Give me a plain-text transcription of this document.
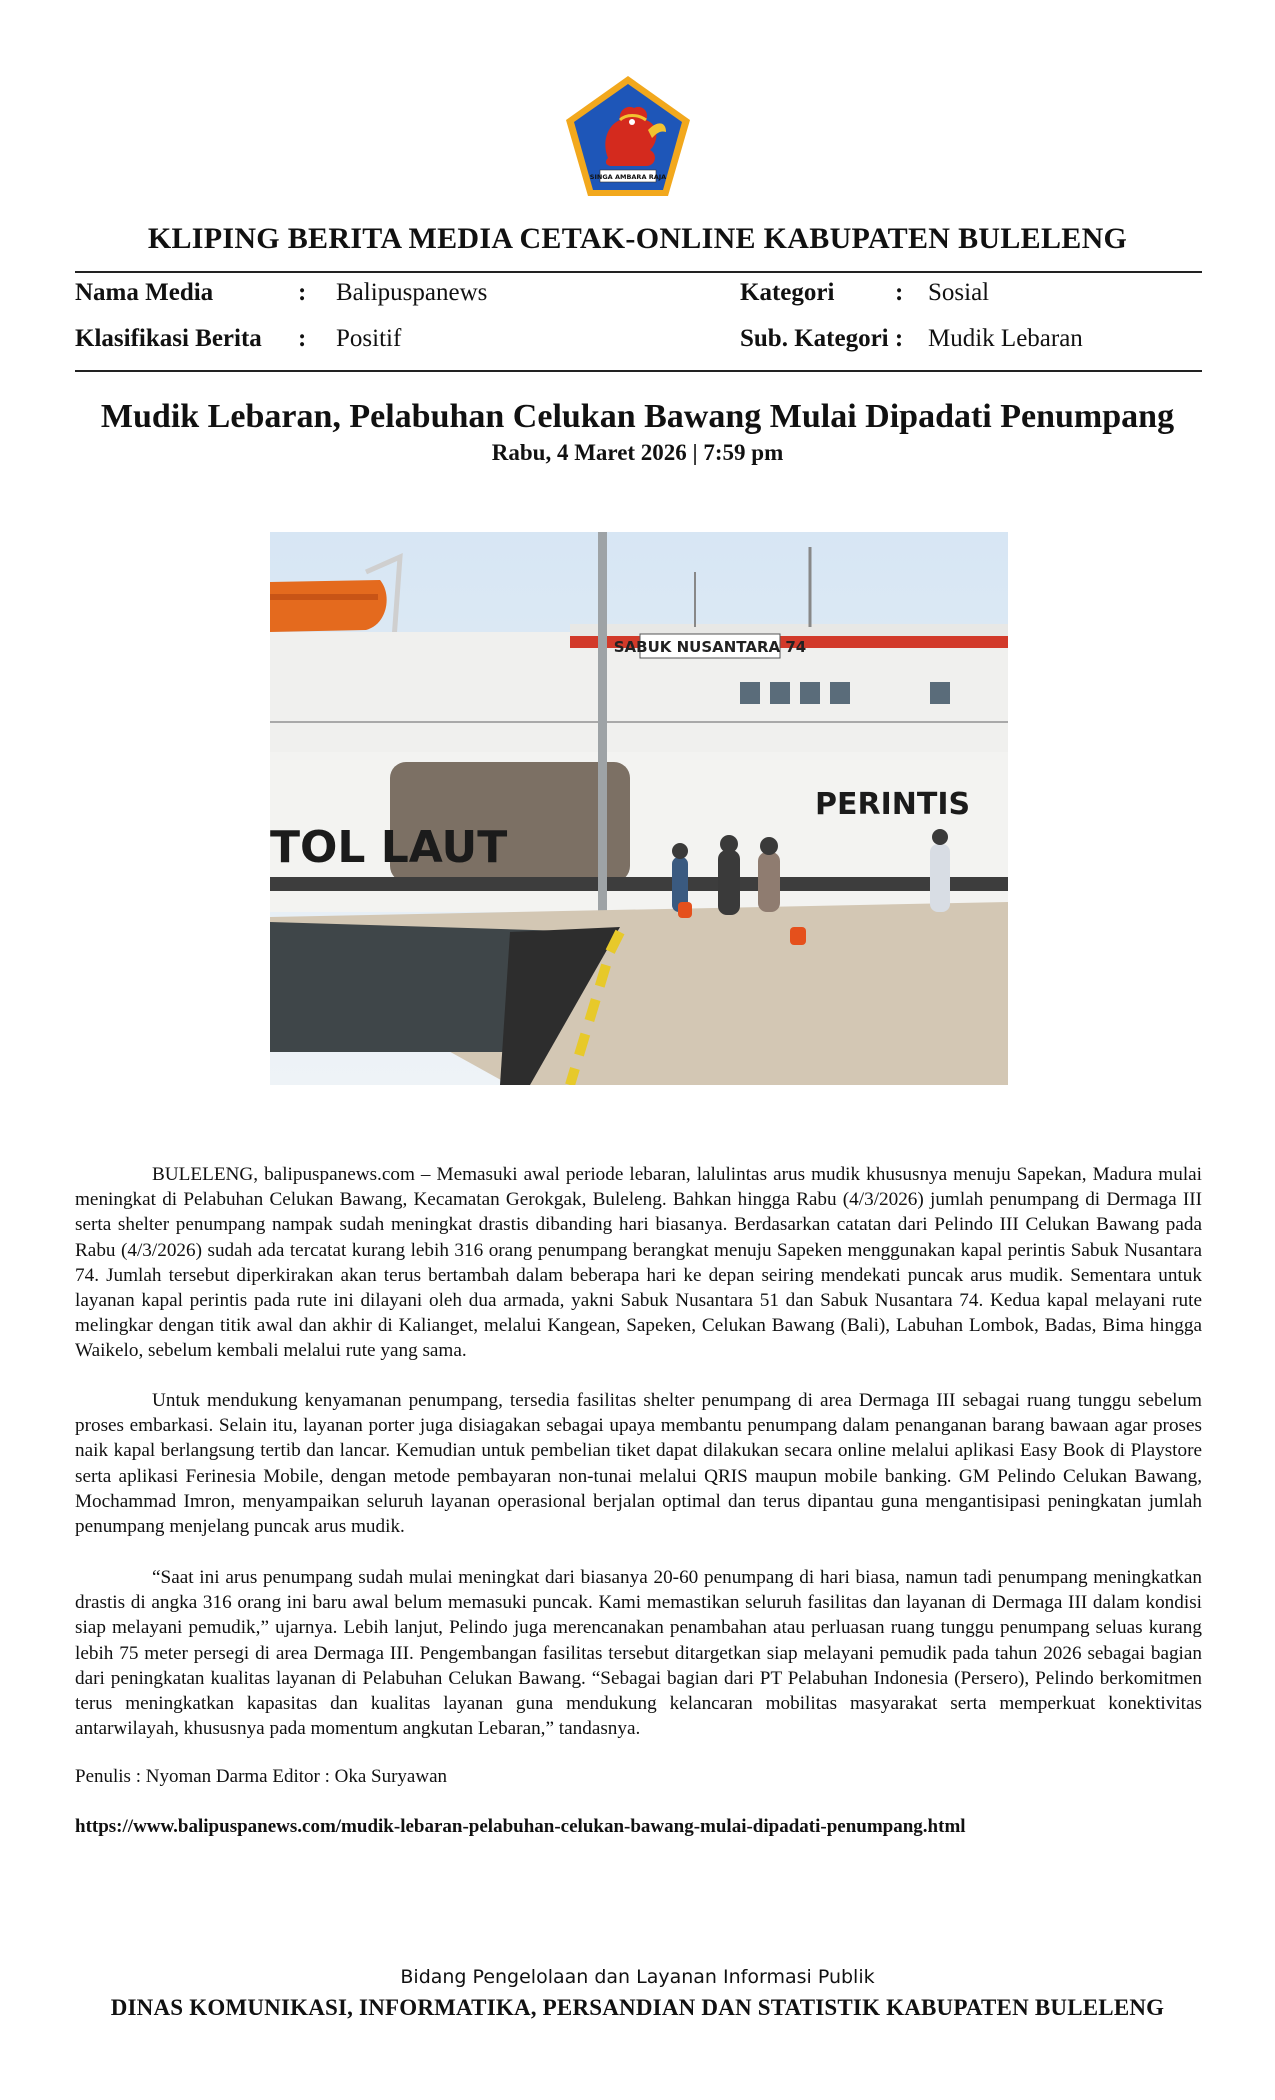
SINGA AMBARA RAJA
KLIPING BERITA MEDIA CETAK-ONLINE KABUPATEN BULELENG
Nama Media	: Balipuspanews	Kategori : Sosial
Klasifikasi Berita : Positif	Sub. Kategori : Mudik Lebaran
Mudik Lebaran, Pelabuhan Celukan Bawang Mulai Dipadati Penumpang
Rabu, 4 Maret 2026 | 7:59 pm
SABUK NUSANTARA 74
TOL LAUT
PERINTIS

BULELENG, balipuspanews.com – Memasuki awal periode lebaran, lalulintas arus mudik khususnya menuju Sapekan, Madura mulai meningkat di Pelabuhan Celukan Bawang, Kecamatan Gerokgak, Buleleng. Bahkan hingga Rabu (4/3/2026) jumlah penumpang di Dermaga III serta shelter penumpang nampak sudah meningkat drastis dibanding hari biasanya. Berdasarkan catatan dari Pelindo III Celukan Bawang pada Rabu (4/3/2026) sudah ada tercatat kurang lebih 316 orang penumpang berangkat menuju Sapeken menggunakan kapal perintis Sabuk Nusantara 74. Jumlah tersebut diperkirakan akan terus bertambah dalam beberapa hari ke depan seiring mendekati puncak arus mudik. Sementara untuk layanan kapal perintis pada rute ini dilayani oleh dua armada, yakni Sabuk Nusantara 51 dan Sabuk Nusantara 74. Kedua kapal melayani rute melingkar dengan titik awal dan akhir di Kalianget, melalui Kangean, Sapeken, Celukan Bawang (Bali), Labuhan Lombok, Badas, Bima hingga Waikelo, sebelum kembali melalui rute yang sama.

Untuk mendukung kenyamanan penumpang, tersedia fasilitas shelter penumpang di area Dermaga III sebagai ruang tunggu sebelum proses embarkasi. Selain itu, layanan porter juga disiagakan sebagai upaya membantu penumpang dalam penanganan barang bawaan agar proses naik kapal berlangsung tertib dan lancar. Kemudian untuk pembelian tiket dapat dilakukan secara online melalui aplikasi Easy Book di Playstore serta aplikasi Ferinesia Mobile, dengan metode pembayaran non-tunai melalui QRIS maupun mobile banking. GM Pelindo Celukan Bawang, Mochammad Imron, menyampaikan seluruh layanan operasional berjalan optimal dan terus dipantau guna mengantisipasi peningkatan jumlah penumpang menjelang puncak arus mudik.

“Saat ini arus penumpang sudah mulai meningkat dari biasanya 20-60 penumpang di hari biasa, namun tadi penumpang meningkatkan drastis di angka 316 orang ini baru awal belum memasuki puncak. Kami memastikan seluruh fasilitas dan layanan di Dermaga III dalam kondisi siap melayani pemudik,” ujarnya. Lebih lanjut, Pelindo juga merencanakan penambahan atau perluasan ruang tunggu penumpang seluas kurang lebih 75 meter persegi di area Dermaga III. Pengembangan fasilitas tersebut ditargetkan siap melayani pemudik pada tahun 2026 sebagai bagian dari peningkatan kualitas layanan di Pelabuhan Celukan Bawang. “Sebagai bagian dari PT Pelabuhan Indonesia (Persero), Pelindo berkomitmen terus meningkatkan kapasitas dan kualitas layanan guna mendukung kelancaran mobilitas masyarakat serta memperkuat konektivitas antarwilayah, khususnya pada momentum angkutan Lebaran,” tandasnya.

Penulis : Nyoman Darma Editor : Oka Suryawan
https://www.balipuspanews.com/mudik-lebaran-pelabuhan-celukan-bawang-mulai-dipadati-penumpang.html
Bidang Pengelolaan dan Layanan Informasi Publik
DINAS KOMUNIKASI, INFORMATIKA, PERSANDIAN DAN STATISTIK KABUPATEN BULELENG
